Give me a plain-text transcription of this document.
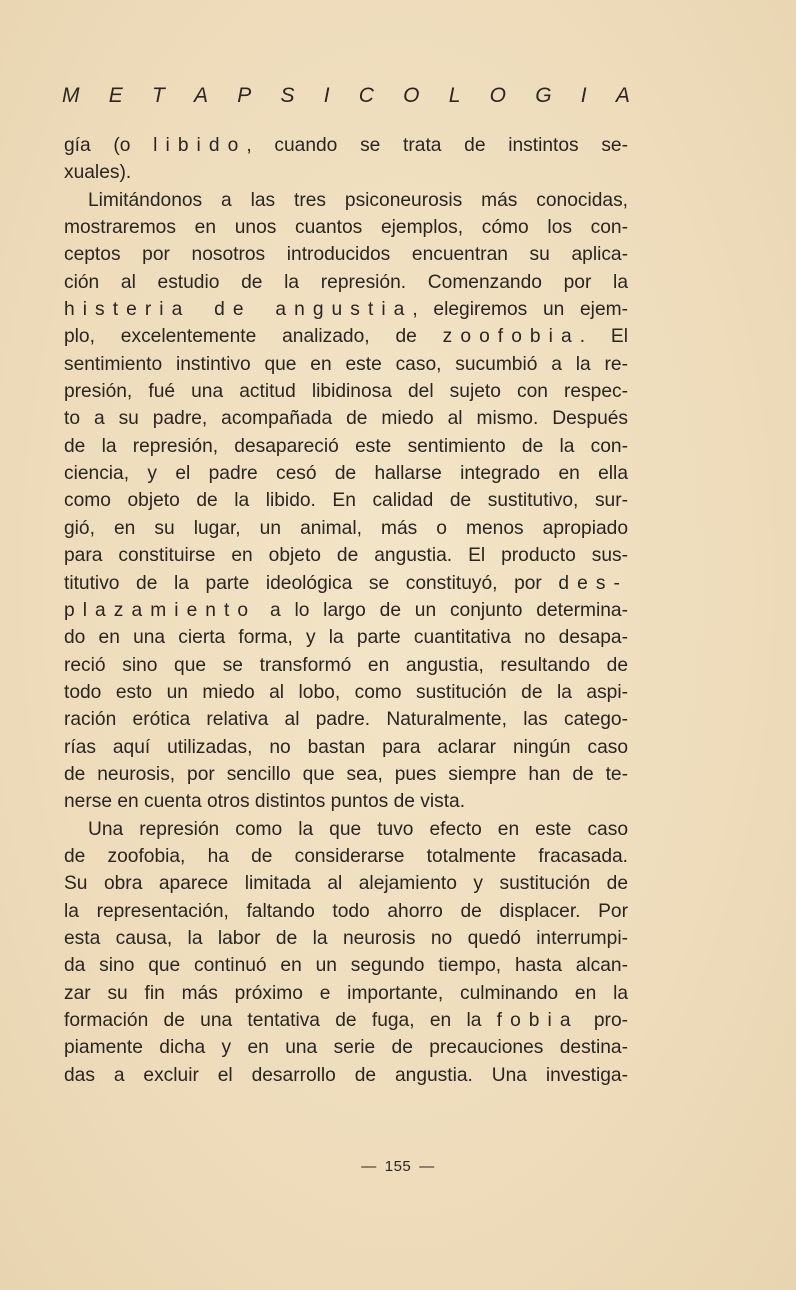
M E T A P S I C O L O G I A
gía (o libido, cuando se trata de instintos se-
xuales).
Limitándonos a las tres psiconeurosis más conocidas,
mostraremos en unos cuantos ejemplos, cómo los con-
ceptos por nosotros introducidos encuentran su aplica-
ción al estudio de la represión. Comenzando por la
histeria de angustia, elegiremos un ejem-
plo, excelentemente analizado, de zoofobia. El
sentimiento instintivo que en este caso, sucumbió a la re-
presión, fué una actitud libidinosa del sujeto con respec-
to a su padre, acompañada de miedo al mismo. Después
de la represión, desapareció este sentimiento de la con-
ciencia, y el padre cesó de hallarse integrado en ella
como objeto de la libido. En calidad de sustitutivo, sur-
gió, en su lugar, un animal, más o menos apropiado
para constituirse en objeto de angustia. El producto sus-
titutivo de la parte ideológica se constituyó, por des-
plazamiento a lo largo de un conjunto determina-
do en una cierta forma, y la parte cuantitativa no desapa-
reció sino que se transformó en angustia, resultando de
todo esto un miedo al lobo, como sustitución de la aspi-
ración erótica relativa al padre. Naturalmente, las catego-
rías aquí utilizadas, no bastan para aclarar ningún caso
de neurosis, por sencillo que sea, pues siempre han de te-
nerse en cuenta otros distintos puntos de vista.
Una represión como la que tuvo efecto en este caso
de zoofobia, ha de considerarse totalmente fracasada.
Su obra aparece limitada al alejamiento y sustitución de
la representación, faltando todo ahorro de displacer. Por
esta causa, la labor de la neurosis no quedó interrumpi-
da sino que continuó en un segundo tiempo, hasta alcan-
zar su fin más próximo e importante, culminando en la
formación de una tentativa de fuga, en la fobia pro-
piamente dicha y en una serie de precauciones destina-
das a excluir el desarrollo de angustia. Una investiga-
— 155 —
